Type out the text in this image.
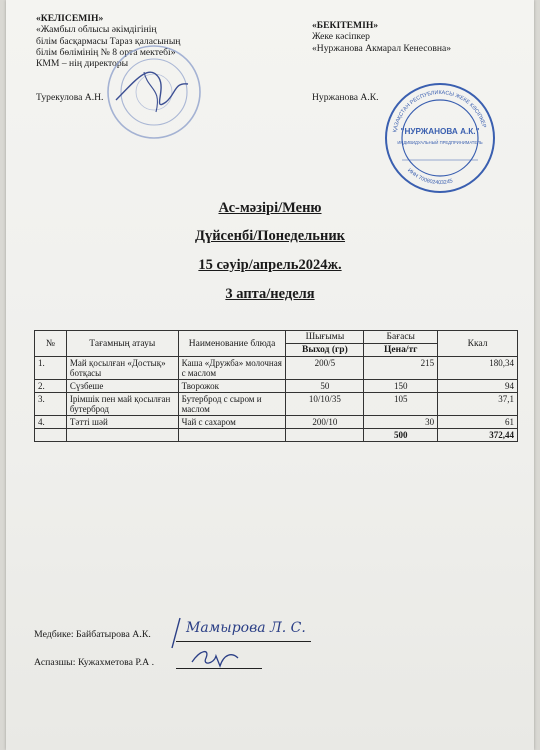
«КЕЛІСЕМІН»
«Жамбыл облысы әкімдігінің
білім басқармасы Тараз қаласының
білім бөлімінің № 8 орта мектебі»
КММ – нің директоры
Турекулова А.Н.
«БЕКІТЕМІН»
Жеке кәсіпкер
«Нуржанова Акмарал Кенесовна»
Нуржанова А.К.
ҚАЗАҚСТАН РЕСПУБЛИКАСЫ ЖЕКЕ КӘСІПКЕР
ИНН 700802403245
"НУРЖАНОВА А.К."
ИНДИВИДУАЛЬНЫЙ ПРЕДПРИНИМАТЕЛЬ
Ас-мәзірі/Меню
Дүйсенбі/Понедельник
15 сәуір/апрель2024ж.
3 апта/неделя
№	Тағамның атауы	Наименование блюда	Шығымы	Бағасы	Ккал
			Выход (гр)	Цена/тг	
1.	Май қосылған «Достық» ботқасы	Каша «Дружба» молочная с маслом	200/5	215	180,34
2.	Сүзбеше	Творожок	50	150	94
3.	Ірімшік пен май қосылған бутерброд	Бутерброд с сыром и маслом	10/10/35	105	37,1
4.	Тәтті шәй	Чай с сахаром	200/10	30	61
				500	372,44
Медбике: Байбатырова А.К.	Мамырова Л. С.
Аспазшы: Кужахметова Р.А .
